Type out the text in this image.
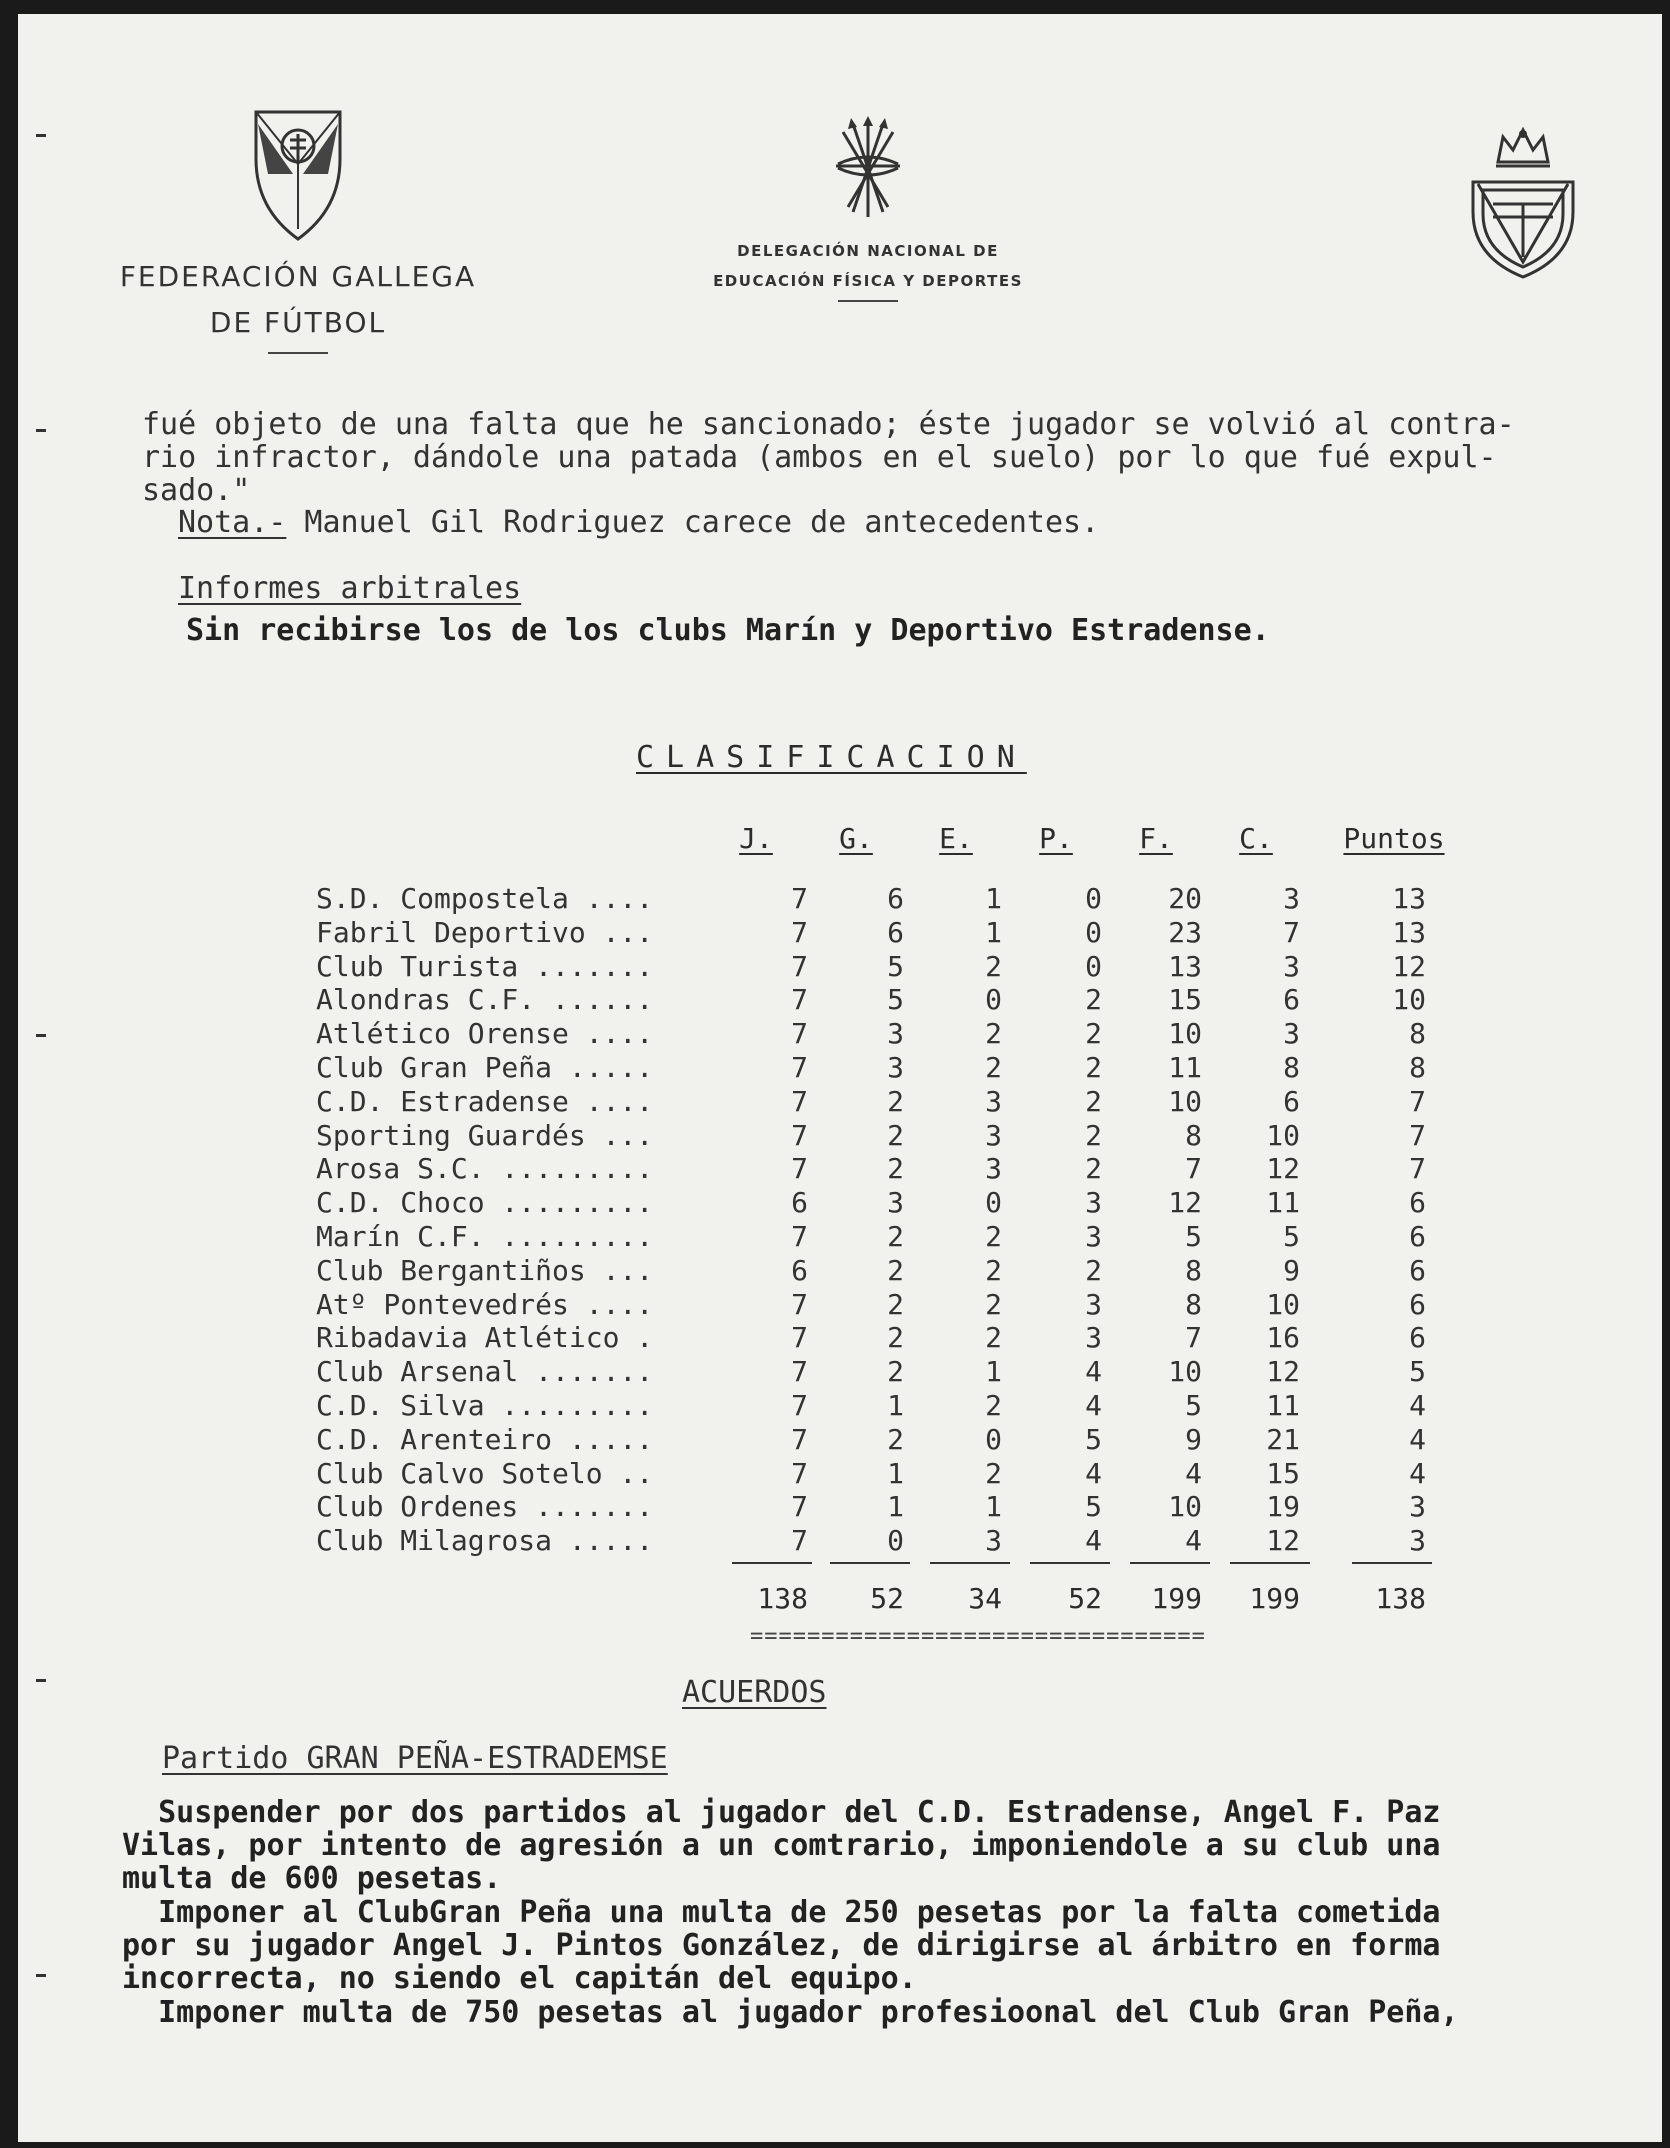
FEDERACIÓN GALLEGA
DE FÚTBOL
DELEGACIÓN NACIONAL DE
EDUCACIÓN FÍSICA Y DEPORTES
fué objeto de una falta que he sancionado; éste jugador se volvió al contra-
rio infractor, dándole una patada (ambos en el suelo) por lo que fué expul-
sado."
Nota.- Manuel Gil Rodriguez carece de antecedentes.
Informes arbitrales
Sin recibirse los de los clubs Marín y Deportivo Estradense.
CLASIFICACION
J.	G.	E.	P.	F.	C.	Puntos
S.D. Compostela ....	7	6	1	0	20	3	13
Fabril Deportivo ...	7	6	1	0	23	7	13
Club Turista .......	7	5	2	0	13	3	12
Alondras C.F. ......	7	5	0	2	15	6	10
Atlético Orense ....	7	3	2	2	10	3	8
Club Gran Peña .....	7	3	2	2	11	8	8
C.D. Estradense ....	7	2	3	2	10	6	7
Sporting Guardés ...	7	2	3	2	8	10	7
Arosa S.C. .........	7	2	3	2	7	12	7
C.D. Choco .........	6	3	0	3	12	11	6
Marín C.F. .........	7	2	2	3	5	5	6
Club Bergantiños ...	6	2	2	2	8	9	6
Atº Pontevedrés ....	7	2	2	3	8	10	6
Ribadavia Atlético .	7	2	2	3	7	16	6
Club Arsenal .......	7	2	1	4	10	12	5
C.D. Silva .........	7	1	2	4	5	11	4
C.D. Arenteiro .....	7	2	0	5	9	21	4
Club Calvo Sotelo ..	7	1	2	4	4	15	4
Club Ordenes .......	7	1	1	5	10	19	3
Club Milagrosa .....	7	0	3	4	4	12	3
138	52	34	52	199	199	138
================================
ACUERDOS
Partido GRAN PEÑA-ESTRADEMSE
Suspender por dos partidos al jugador del C.D. Estradense, Angel F. Paz
Vilas, por intento de agresión a un comtrario, imponiendole a su club una
multa de 600 pesetas.
Imponer al ClubGran Peña una multa de 250 pesetas por la falta cometida
por su jugador Angel J. Pintos González, de dirigirse al árbitro en forma
incorrecta, no siendo el capitán del equipo.
Imponer multa de 750 pesetas al jugador profesioonal del Club Gran Peña,
